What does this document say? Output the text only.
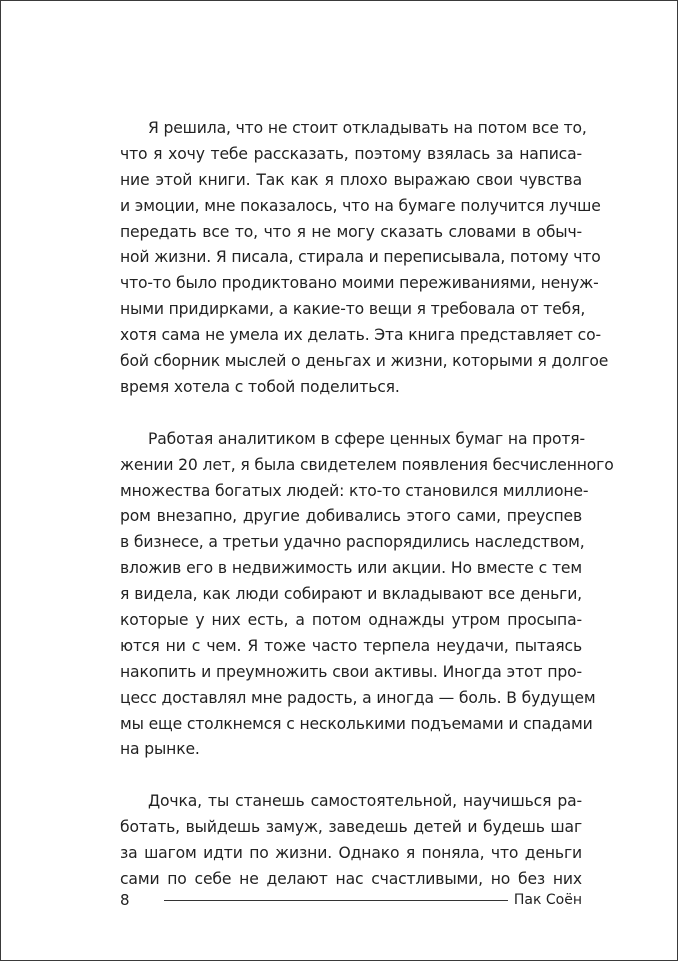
Я решила, что не стоит откладывать на потом все то,
что я хочу тебе рассказать, поэтому взялась за написа-
ние этой книги. Так как я плохо выражаю свои чувства
и эмоции, мне показалось, что на бумаге получится лучше
передать все то, что я не могу сказать словами в обыч-
ной жизни. Я писала, стирала и переписывала, потому что
что-то было продиктовано моими переживаниями, ненуж-
ными придирками, а какие-то вещи я требовала от тебя,
хотя сама не умела их делать. Эта книга представляет со-
бой сборник мыслей о деньгах и жизни, которыми я долгое
время хотела с тобой поделиться.
Работая аналитиком в сфере ценных бумаг на протя-
жении 20 лет, я была свидетелем появления бесчисленного
множества богатых людей: кто-то становился миллионе-
ром внезапно, другие добивались этого сами, преуспев
в бизнесе, а третьи удачно распорядились наследством,
вложив его в недвижимость или акции. Но вместе с тем
я видела, как люди собирают и вкладывают все деньги,
которые у них есть, а потом однажды утром просыпа-
ются ни с чем. Я тоже часто терпела неудачи, пытаясь
накопить и преумножить свои активы. Иногда этот про-
цесс доставлял мне радость, а иногда — боль. В будущем
мы еще столкнемся с несколькими подъемами и спадами
на рынке.
Дочка, ты станешь самостоятельной, научишься ра-
ботать, выйдешь замуж, заведешь детей и будешь шаг
за шагом идти по жизни. Однако я поняла, что деньги
сами по себе не делают нас счастливыми, но без них
8	Пак Соён
